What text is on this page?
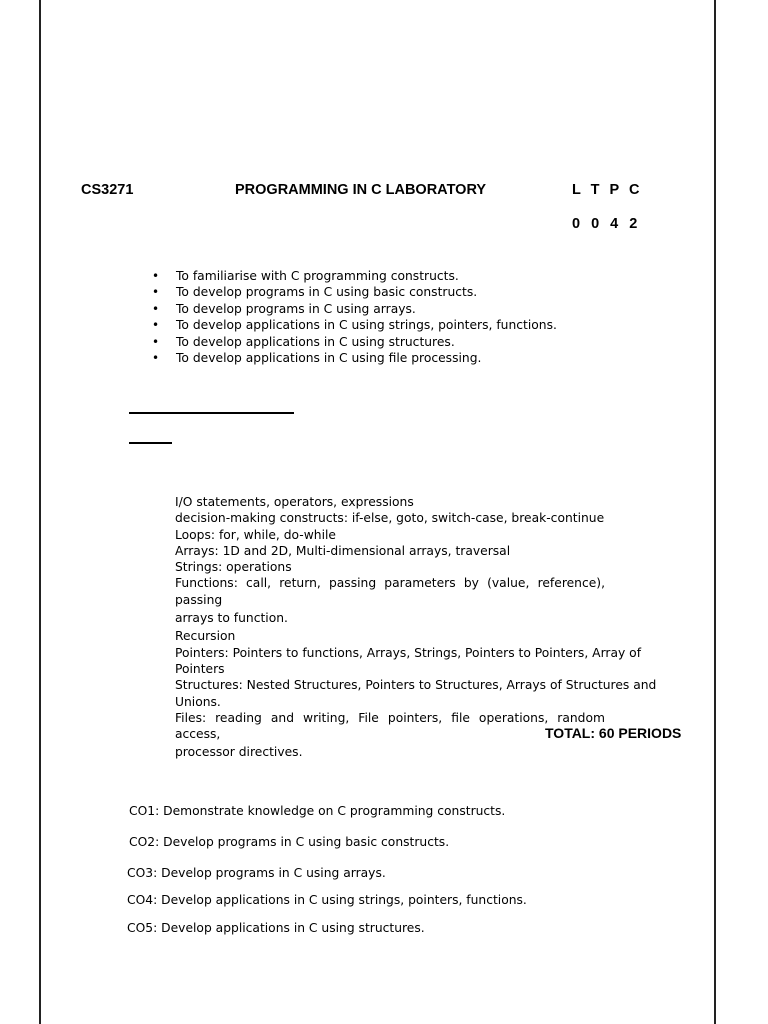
CS3271	PROGRAMMING IN C LABORATORY	L T P C
0 0 4 2
• To familiarise with C programming constructs.
• To develop programs in C using basic constructs.
• To develop programs in C using arrays.
• To develop applications in C using strings, pointers, functions.
• To develop applications in C using structures.
• To develop applications in C using file processing.
I/O statements, operators, expressions
decision-making constructs: if-else, goto, switch-case, break-continue
Loops: for, while, do-while
Arrays: 1D and 2D, Multi-dimensional arrays, traversal
Strings: operations
Functions: call, return, passing parameters by (value, reference), passing
arrays to function.
Recursion
Pointers: Pointers to functions, Arrays, Strings, Pointers to Pointers, Array of Pointers
Structures: Nested Structures, Pointers to Structures, Arrays of Structures and Unions.
Files: reading and writing, File pointers, file operations, random access,
processor directives.
TOTAL: 60 PERIODS
CO1: Demonstrate knowledge on C programming constructs.
CO2: Develop programs in C using basic constructs.
CO3: Develop programs in C using arrays.
CO4: Develop applications in C using strings, pointers, functions.
CO5: Develop applications in C using structures.
